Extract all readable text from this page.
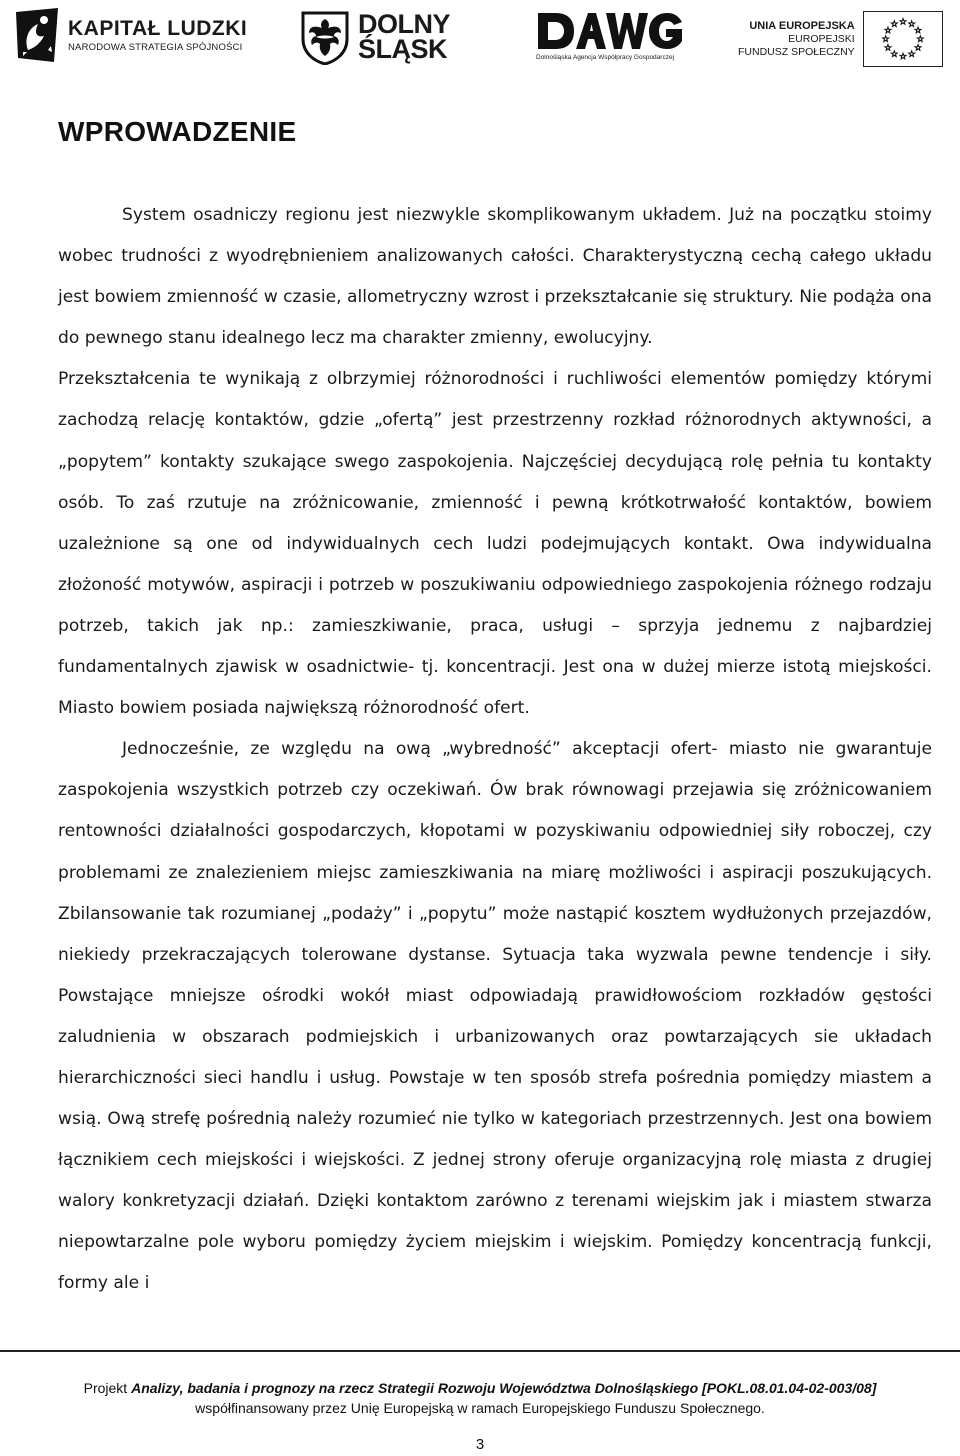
KAPITAŁ LUDZKI
NARODOWA STRATEGIA SPÓJNOŚCI
DOLNY
ŚLĄSK	Dolnośląska Agencja Współpracy Gospodarczej
UNIA EUROPEJSKA
EUROPEJSKI
FUNDUSZ SPOŁECZNY
WPROWADZENIE

System osadniczy regionu jest niezwykle skomplikowanym układem. Już na początku stoimy wobec trudności z wyodrębnieniem analizowanych całości. Charakterystyczną cechą całego układu jest bowiem zmienność w czasie, allometryczny wzrost i przekształcanie się struktury. Nie podąża ona do pewnego stanu idealnego lecz ma charakter zmienny, ewolucyjny.

Przekształcenia te wynikają z olbrzymiej różnorodności i ruchliwości elementów pomiędzy którymi zachodzą relację kontaktów, gdzie „ofertą” jest przestrzenny rozkład różnorodnych aktywności, a „popytem” kontakty szukające swego zaspokojenia. Najczęściej decydującą rolę pełnia tu kontakty osób. To zaś rzutuje na zróżnicowanie, zmienność i pewną krótkotrwałość kontaktów, bowiem uzależnione są one od indywidualnych cech ludzi podejmujących kontakt. Owa indywidualna złożoność motywów, aspiracji i potrzeb w poszukiwaniu odpowiedniego zaspokojenia różnego rodzaju potrzeb, takich jak np.: zamieszkiwanie, praca, usługi – sprzyja jednemu z najbardziej fundamentalnych zjawisk w osadnictwie- tj. koncentracji. Jest ona w dużej mierze istotą miejskości. Miasto bowiem posiada największą różnorodność ofert.

Jednocześnie, ze względu na ową „wybredność” akceptacji ofert- miasto nie gwarantuje zaspokojenia wszystkich potrzeb czy oczekiwań. Ów brak równowagi przejawia się zróżnicowaniem rentowności działalności gospodarczych, kłopotami w pozyskiwaniu odpowiedniej siły roboczej, czy problemami ze znalezieniem miejsc zamieszkiwania na miarę możliwości i aspiracji poszukujących. Zbilansowanie tak rozumianej „podaży” i „popytu” może nastąpić kosztem wydłużonych przejazdów, niekiedy przekraczających tolerowane dystanse. Sytuacja taka wyzwala pewne tendencje i siły. Powstające mniejsze ośrodki wokół miast odpowiadają prawidłowościom rozkładów gęstości zaludnienia w obszarach podmiejskich i urbanizowanych oraz powtarzających sie układach hierarchiczności sieci handlu i usług. Powstaje w ten sposób strefa pośrednia pomiędzy miastem a wsią. Ową strefę pośrednią należy rozumieć nie tylko w kategoriach przestrzennych. Jest ona bowiem łącznikiem cech miejskości i wiejskości. Z jednej strony oferuje organizacyjną rolę miasta z drugiej walory konkretyzacji działań. Dzięki kontaktom zarówno z terenami wiejskim jak i miastem stwarza niepowtarzalne pole wyboru pomiędzy życiem miejskim i wiejskim. Pomiędzy koncentracją funkcji, formy ale i

Projekt Analizy, badania i prognozy na rzecz Strategii Rozwoju Województwa Dolnośląskiego [POKL.08.01.04-02-003/08]
współfinansowany przez Unię Europejską w ramach Europejskiego Funduszu Społecznego.
3
